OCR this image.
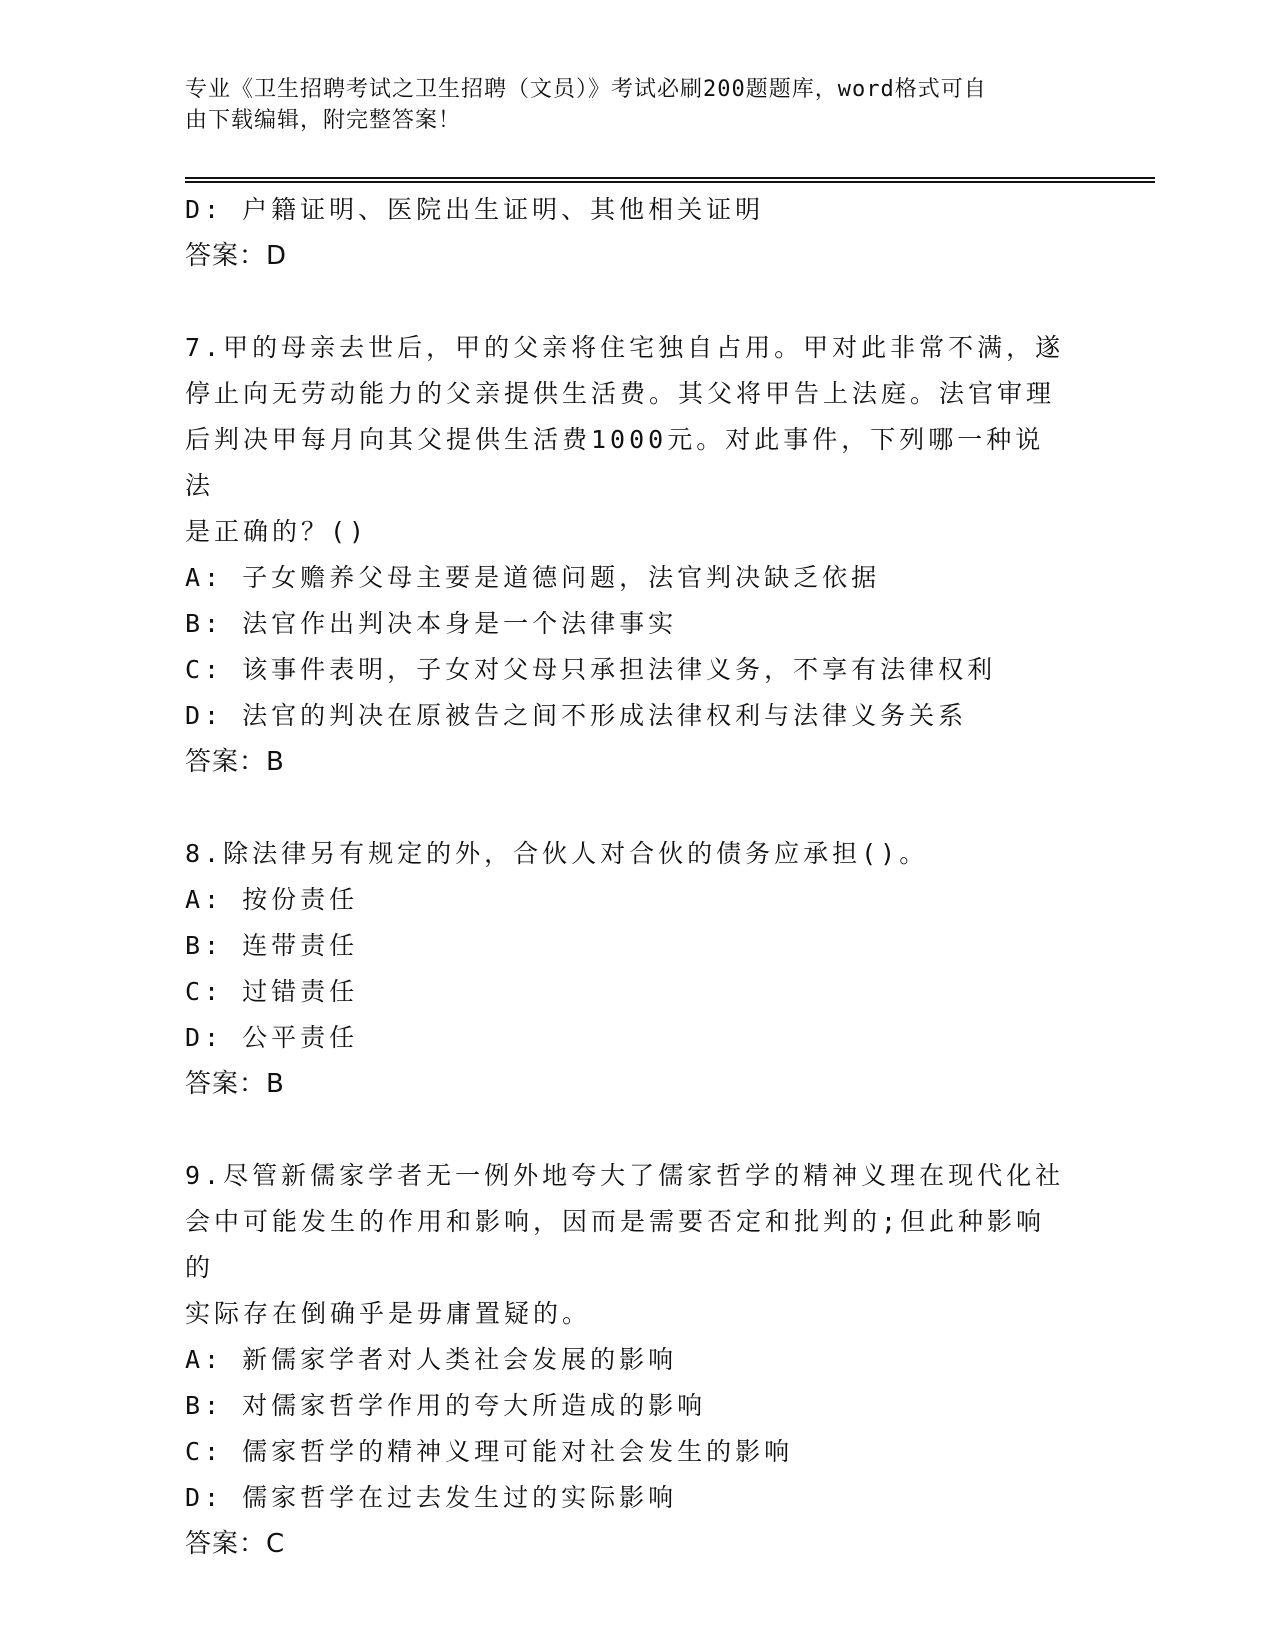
专业《卫生招聘考试之卫生招聘（文员）》考试必刷200题题库，word格式可自
由下载编辑，附完整答案！
D: 户籍证明、医院出生证明、其他相关证明
答案：D
7.甲的母亲去世后，甲的父亲将住宅独自占用。甲对此非常不满，遂
停止向无劳动能力的父亲提供生活费。其父将甲告上法庭。法官审理
后判决甲每月向其父提供生活费1000元。对此事件，下列哪一种说法
是正确的？()
A: 子女赡养父母主要是道德问题，法官判决缺乏依据
B: 法官作出判决本身是一个法律事实
C: 该事件表明，子女对父母只承担法律义务，不享有法律权利
D: 法官的判决在原被告之间不形成法律权利与法律义务关系
答案：B
8.除法律另有规定的外，合伙人对合伙的债务应承担()。
A: 按份责任
B: 连带责任
C: 过错责任
D: 公平责任
答案：B
9.尽管新儒家学者无一例外地夸大了儒家哲学的精神义理在现代化社
会中可能发生的作用和影响，因而是需要否定和批判的;但此种影响的
实际存在倒确乎是毋庸置疑的。
A: 新儒家学者对人类社会发展的影响
B: 对儒家哲学作用的夸大所造成的影响
C: 儒家哲学的精神义理可能对社会发生的影响
D: 儒家哲学在过去发生过的实际影响
答案：C
